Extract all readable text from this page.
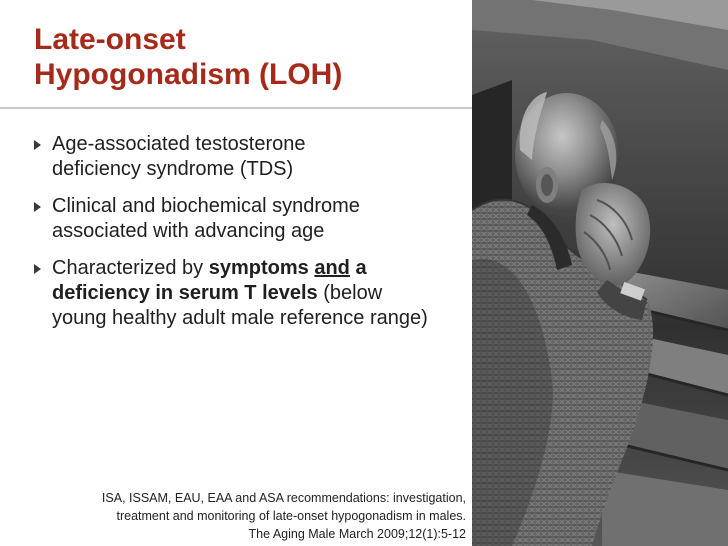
Late-onset
Hypogonadism (LOH)
Age-associated testosterone
deficiency syndrome (TDS)
Clinical and biochemical syndrome
associated with advancing age
Characterized by symptoms and a deficiency in serum T levels (below young healthy adult male reference range)
ISA, ISSAM, EAU, EAA and ASA recommendations: investigation,
treatment and monitoring of late-onset hypogonadism in males.
The Aging Male March 2009;12(1):5-12
